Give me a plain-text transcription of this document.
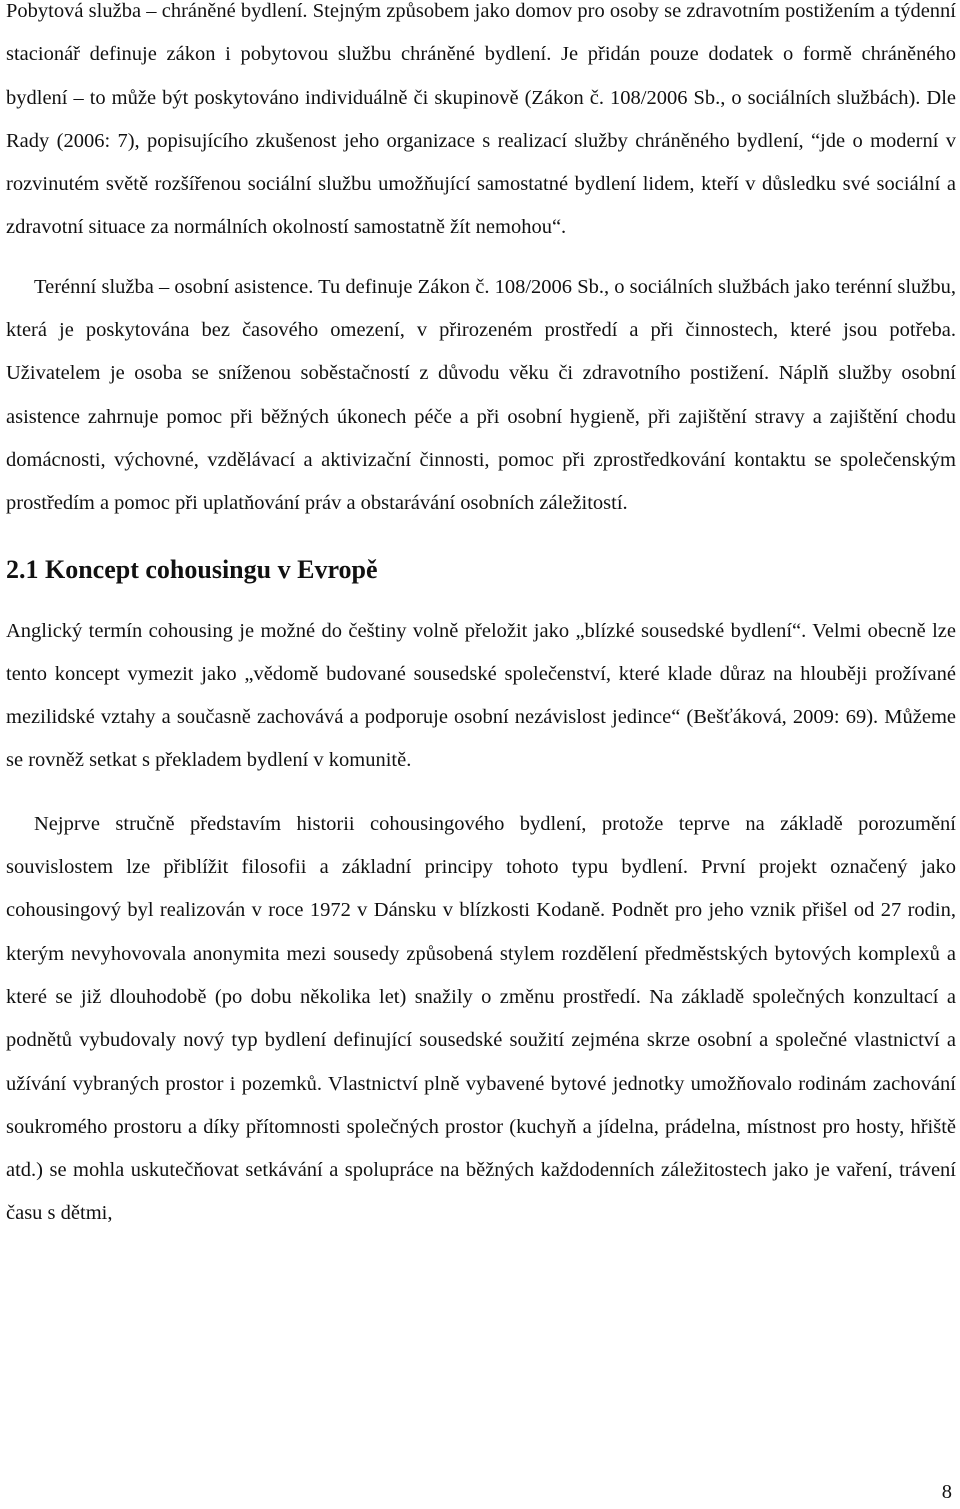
Pobytová služba – chráněné bydlení. Stejným způsobem jako domov pro osoby se zdravotním postižením a týdenní stacionář definuje zákon i pobytovou službu chráněné bydlení. Je přidán pouze dodatek o formě chráněného bydlení – to může být poskytováno individuálně či skupinově (Zákon č. 108/2006 Sb., o sociálních službách). Dle Rady (2006: 7), popisujícího zkušenost jeho organizace s realizací služby chráněného bydlení, “jde o moderní v rozvinutém světě rozšířenou sociální službu umožňující samostatné bydlení lidem, kteří v důsledku své sociální a zdravotní situace za normálních okolností samostatně žít nemohou“.

Terénní služba – osobní asistence. Tu definuje Zákon č. 108/2006 Sb., o sociálních službách jako terénní službu, která je poskytována bez časového omezení, v přirozeném prostředí a při činnostech, které jsou potřeba. Uživatelem je osoba se sníženou soběstačností z důvodu věku či zdravotního postižení. Náplň služby osobní asistence zahrnuje pomoc při běžných úkonech péče a při osobní hygieně, při zajištění stravy a zajištění chodu domácnosti, výchovné, vzdělávací a aktivizační činnosti, pomoc při zprostředkování kontaktu se společenským prostředím a pomoc při uplatňování práv a obstarávání osobních záležitostí.

2.1 Koncept cohousingu v Evropě

Anglický termín cohousing je možné do češtiny volně přeložit jako „blízké sousedské bydlení“. Velmi obecně lze tento koncept vymezit jako „vědomě budované sousedské společenství, které klade důraz na hlouběji prožívané mezilidské vztahy a současně zachovává a podporuje osobní nezávislost jedince“ (Bešťáková, 2009: 69). Můžeme se rovněž setkat s překladem bydlení v komunitě.

Nejprve stručně představím historii cohousingového bydlení, protože teprve na základě porozumění souvislostem lze přiblížit filosofii a základní principy tohoto typu bydlení. První projekt označený jako cohousingový byl realizován v roce 1972 v Dánsku v blízkosti Kodaně. Podnět pro jeho vznik přišel od 27 rodin, kterým nevyhovovala anonymita mezi sousedy způsobená stylem rozdělení předměstských bytových komplexů a které se již dlouhodobě (po dobu několika let) snažily o změnu prostředí. Na základě společných konzultací a podnětů vybudovaly nový typ bydlení definující sousedské soužití zejména skrze osobní a společné vlastnictví a užívání vybraných prostor i pozemků. Vlastnictví plně vybavené bytové jednotky umožňovalo rodinám zachování soukromého prostoru a díky přítomnosti společných prostor (kuchyň a jídelna, prádelna, místnost pro hosty, hřiště atd.) se mohla uskutečňovat setkávání a spolupráce na běžných každodenních záležitostech jako je vaření, trávení času s dětmi,

8
